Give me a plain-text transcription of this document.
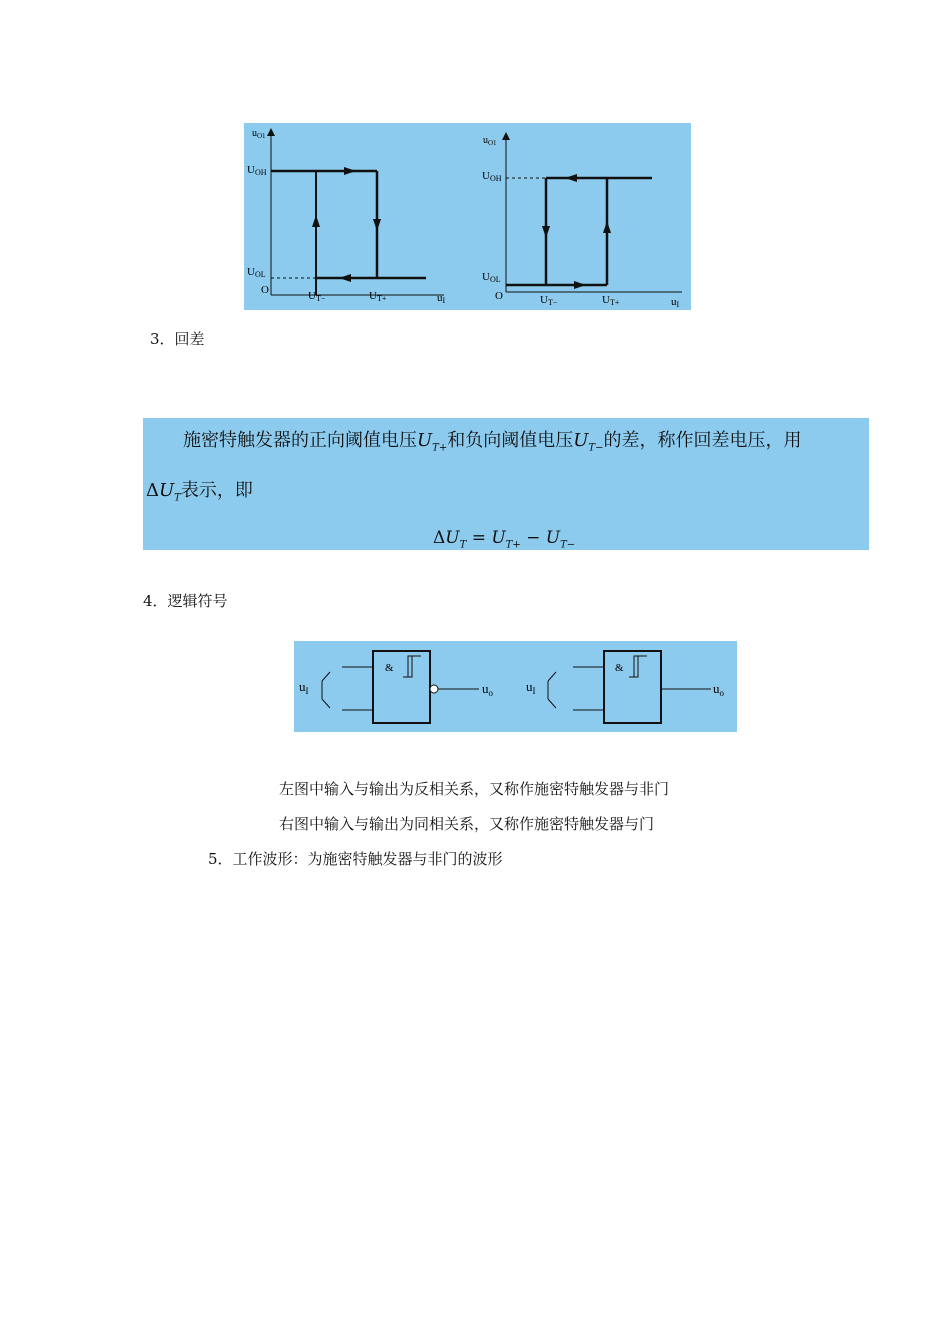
$u_{O1}$
UOH
UOL
O	UT−	UT+	uI
$u_{O1}$
UOH
UOL
O	UT−	UT+	uI
3．回差
施密特触发器的正向阈值电压$U_{T+}$和负向阈值电压$U_{T-}$的差，称作回差电压，用
$\Delta U_T$表示，即
$\Delta U_T = U_{T+} - U_{T-}$
4．逻辑符号
$u_I$
&
$u_o$	$u_I$
&
$u_o$
左图中输入与输出为反相关系，又称作施密特触发器与非门
右图中输入与输出为同相关系，又称作施密特触发器与门
5．工作波形：为施密特触发器与非门的波形
